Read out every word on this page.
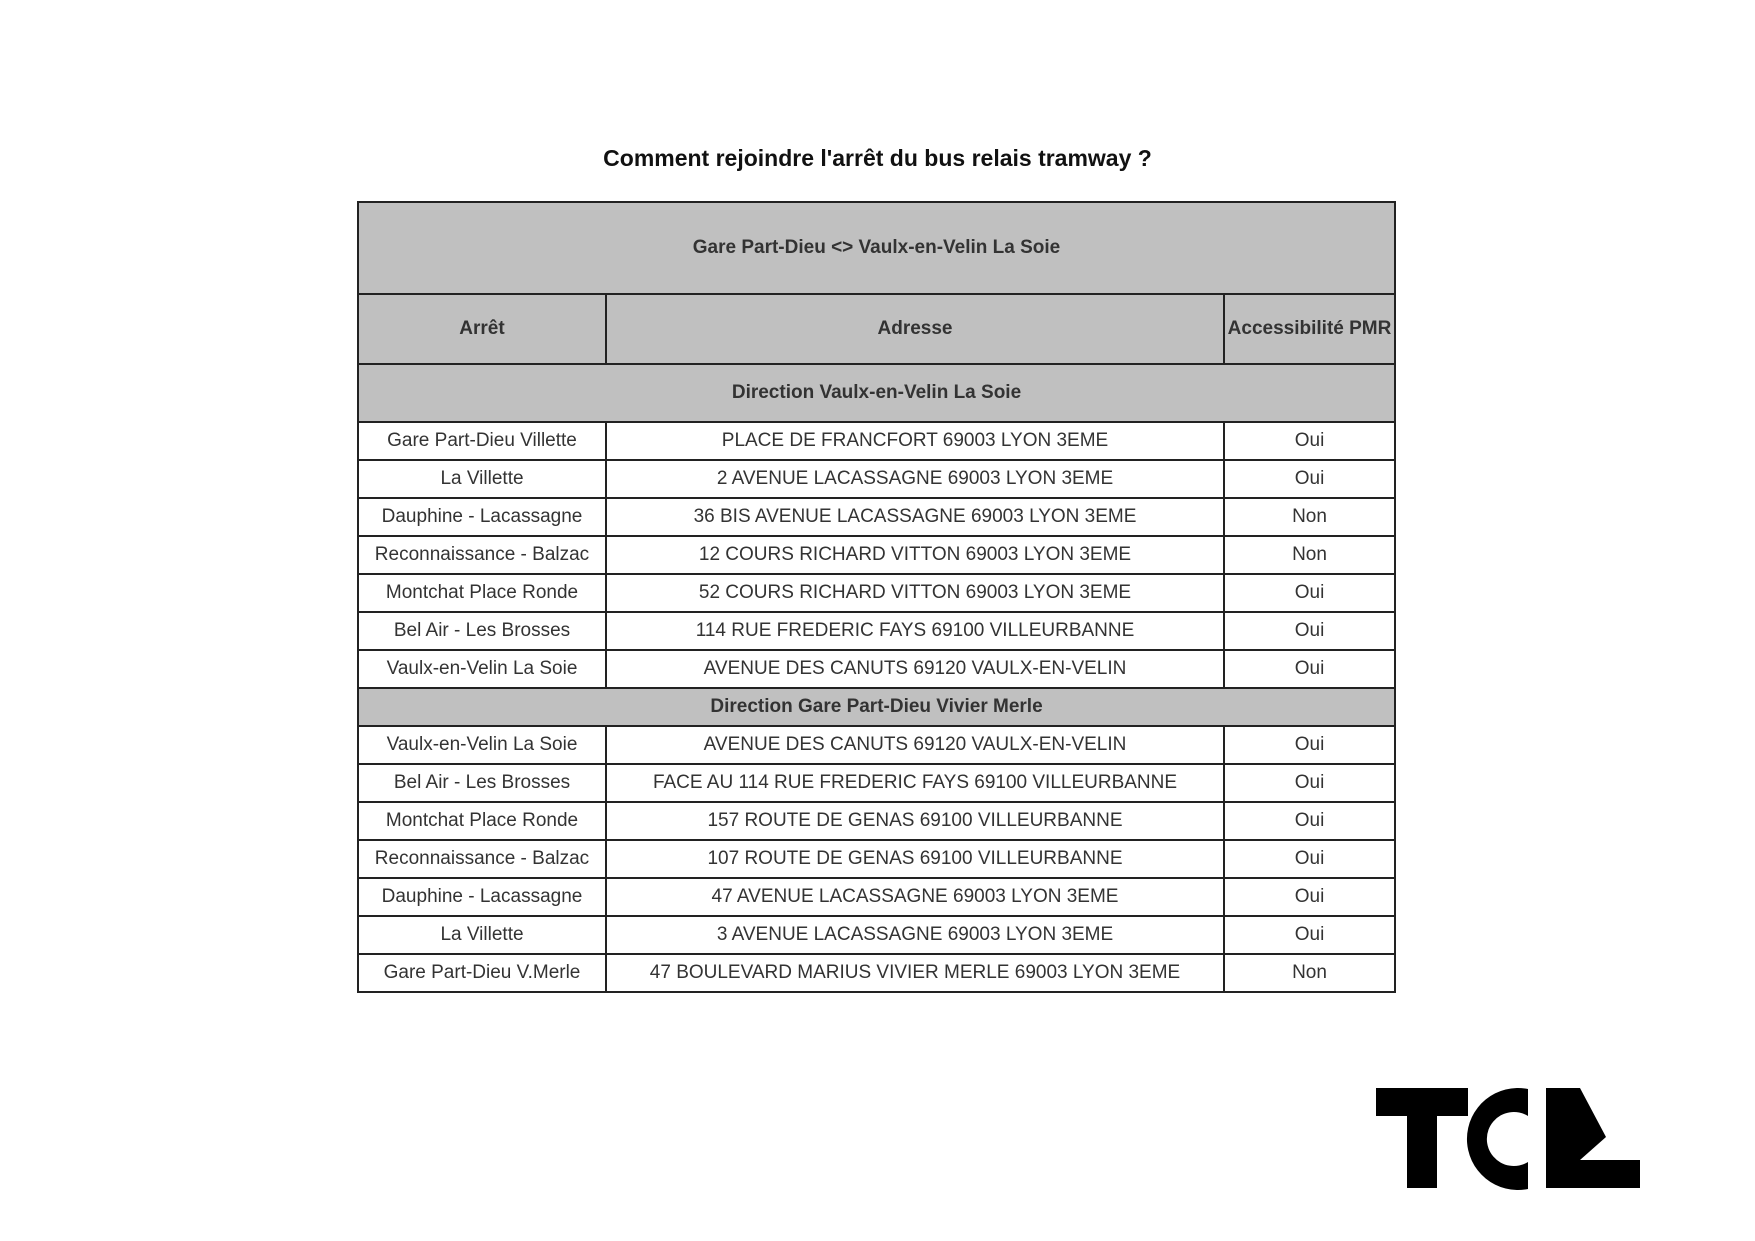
Comment rejoindre l'arrêt du bus relais tramway ?
Gare Part-Dieu <> Vaulx-en-Velin La Soie		
Arrêt	Adresse	Accessibilité PMR
Direction Vaulx-en-Velin La Soie		
Gare Part-Dieu Villette	PLACE DE FRANCFORT 69003 LYON 3EME	Oui
La Villette	2 AVENUE LACASSAGNE 69003 LYON 3EME	Oui
Dauphine - Lacassagne	36 BIS AVENUE LACASSAGNE 69003 LYON 3EME	Non
Reconnaissance - Balzac	12 COURS RICHARD VITTON 69003 LYON 3EME	Non
Montchat Place Ronde	52 COURS RICHARD VITTON 69003 LYON 3EME	Oui
Bel Air - Les Brosses	114 RUE FREDERIC FAYS 69100 VILLEURBANNE	Oui
Vaulx-en-Velin La Soie	AVENUE DES CANUTS 69120 VAULX-EN-VELIN	Oui
Direction Gare Part-Dieu Vivier Merle		
Vaulx-en-Velin La Soie	AVENUE DES CANUTS 69120 VAULX-EN-VELIN	Oui
Bel Air - Les Brosses	FACE AU 114 RUE FREDERIC FAYS 69100 VILLEURBANNE	Oui
Montchat Place Ronde	157 ROUTE DE GENAS 69100 VILLEURBANNE	Oui
Reconnaissance - Balzac	107 ROUTE DE GENAS 69100 VILLEURBANNE	Oui
Dauphine - Lacassagne	47 AVENUE LACASSAGNE 69003 LYON 3EME	Oui
La Villette	3 AVENUE LACASSAGNE 69003 LYON 3EME	Oui
Gare Part-Dieu V.Merle	47 BOULEVARD MARIUS VIVIER MERLE 69003 LYON 3EME	Non
